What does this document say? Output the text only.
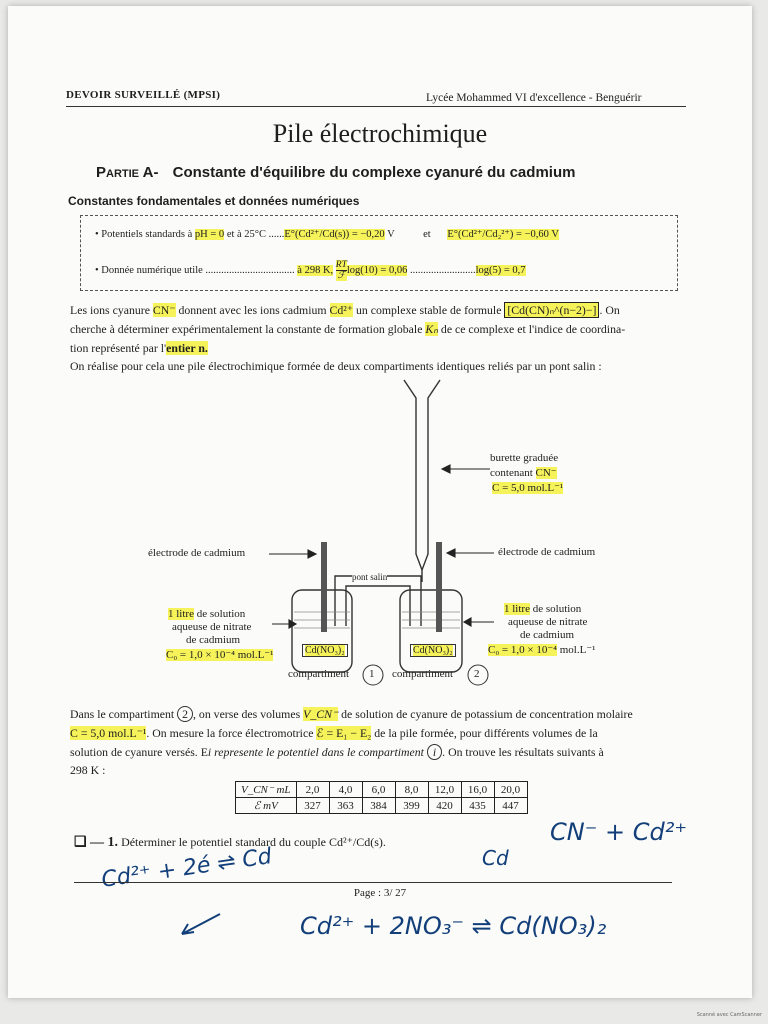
DEVOIR SURVEILLÉ (MPSI)	Lycée Mohammed VI d'excellence - Benguérir
Pile électrochimique
Partie A- Constante d'équilibre du complexe cyanuré du cadmium
Constantes fondamentales et données numériques
• Potentiels standards à pH = 0 et à 25°C ......E°(Cd²⁺/Cd(s)) = −0,20 V	et E°(Cd²⁺/Cd₂²⁺) = −0,60 V
• Donnée numérique utile .................................. à 298 K, RT
ℱ
log(10) = 0,06 .........................log(5) = 0,7
Les ions cyanure CN⁻ donnent avec les ions cadmium Cd²⁺ un complexe stable de formule [Cd(CN)ₙ^(n−2)−] . On
cherche à déterminer expérimentalement la constante de formation globale Kₙ de ce complexe et l'indice de coordina-
tion représenté par l'entier n.
On réalise pour cela une pile électrochimique formée de deux compartiments identiques reliés par un pont salin :
burette graduée
contenant CN⁻
C = 5,0 mol.L⁻¹
électrode de cadmium	électrode de cadmium
pont salin
1 litre de solution
aqueuse de nitrate
de cadmium
C₀ = 1,0 × 10⁻⁴ mol.L⁻¹
1 litre de solution
aqueuse de nitrate
de cadmium
C₀ = 1,0 × 10⁻⁴ mol.L⁻¹
Cd(NO₃)₂	Cd(NO₃)₂
compartiment 1 compartiment 2
Dans le compartiment 2 , on verse des volumes V_CN⁻ de solution de cyanure de potassium de concentration molaire
C = 5,0 mol.L⁻¹. On mesure la force électromotrice ℰ = E₁ − E₂ de la pile formée, pour différents volumes de la
solution de cyanure versés. Ei represente le potentiel dans le compartiment i . On trouve les résultats suivants à
298 K :
V_CN⁻ mL	2,0	4,0	6,0	8,0	12,0	16,0	20,0
ℰ mV	327	363	384	399	420	435	447
❑ — 1. Déterminer le potentiel standard du couple Cd²⁺/Cd(s).	CN⁻ + Cd²⁺
Cd
Cd²⁺ + 2é ⇌ Cd
Cd²⁺ + 2NO₃⁻ ⇌ Cd(NO₃)₂
Page : 3/ 27
Scanné avec CamScanner
